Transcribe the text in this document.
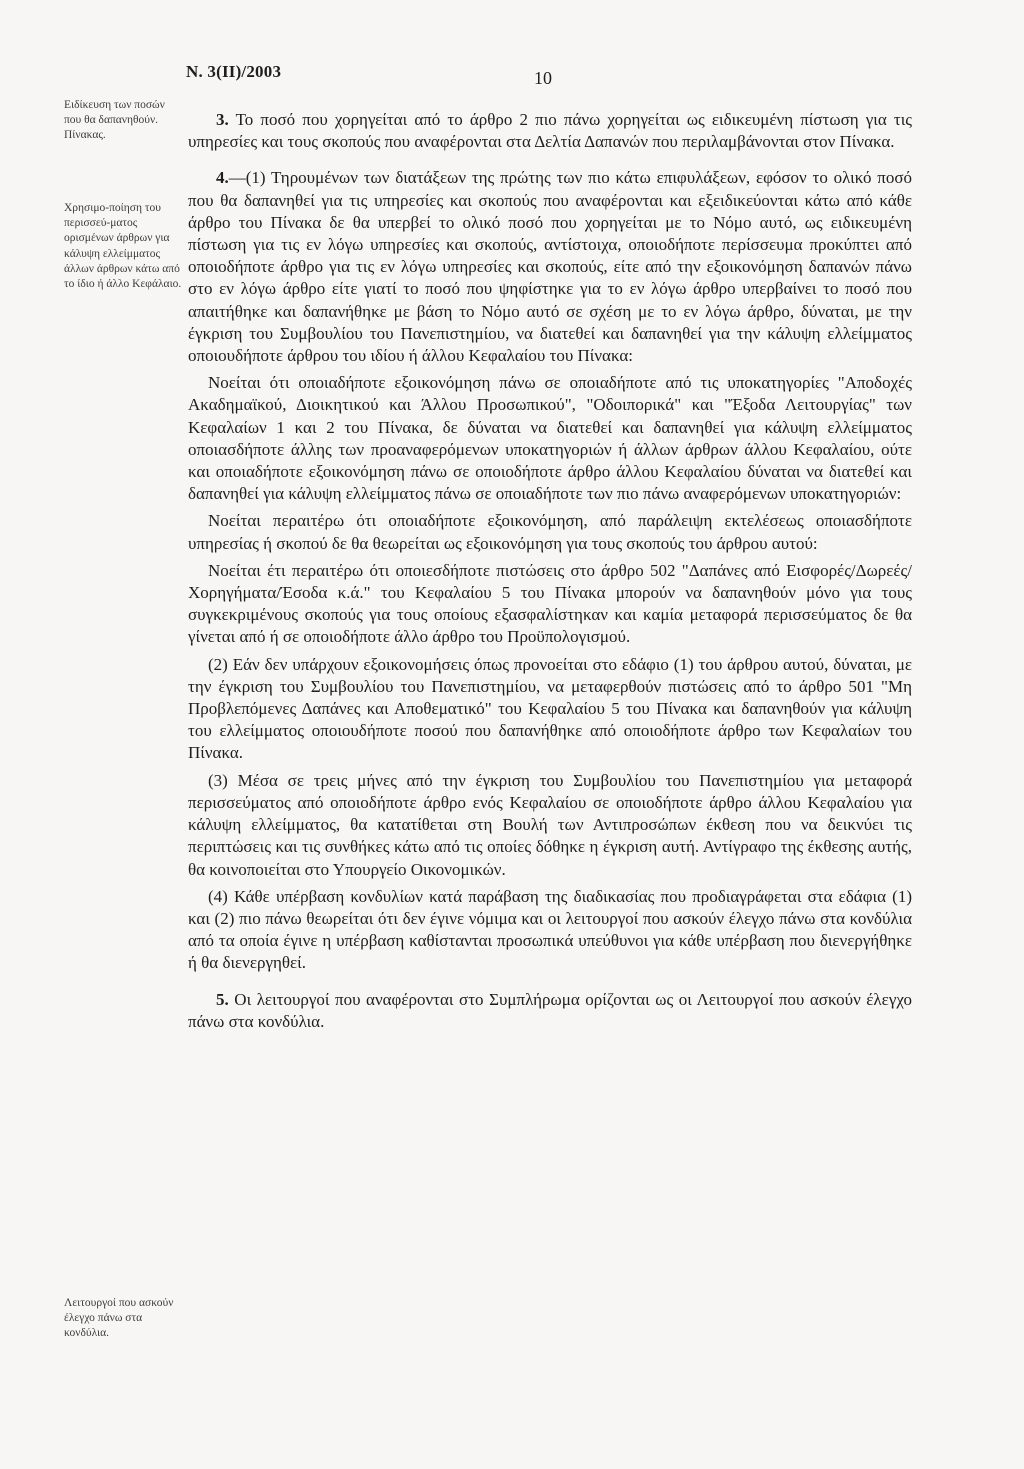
Ν. 3(ΙΙ)/2003	10
Ειδίκευση των ποσών που θα δαπανηθούν. Πίνακας.
Χρησιμο-ποίηση του περισσεύ-ματος ορισμένων άρθρων για κάλυψη ελλείμματος άλλων άρθρων κάτω από το ίδιο ή άλλο Κεφάλαιο.
Λειτουργοί που ασκούν έλεγχο πάνω στα κονδύλια.

3. Το ποσό που χορηγείται από το άρθρο 2 πιο πάνω χορηγείται ως ειδικευμένη πίστωση για τις υπηρεσίες και τους σκοπούς που αναφέρονται στα Δελτία Δαπανών που περιλαμβάνονται στον Πίνακα.

4.—(1) Τηρουμένων των διατάξεων της πρώτης των πιο κάτω επιφυλάξεων, εφόσον το ολικό ποσό που θα δαπανηθεί για τις υπηρεσίες και σκοπούς που αναφέρονται και εξειδικεύονται κάτω από κάθε άρθρο του Πίνακα δε θα υπερβεί το ολικό ποσό που χορηγείται με το Νόμο αυτό, ως ειδικευμένη πίστωση για τις εν λόγω υπηρεσίες και σκοπούς, αντίστοιχα, οποιοδήποτε περίσσευμα προκύπτει από οποιοδήποτε άρθρο για τις εν λόγω υπηρεσίες και σκοπούς, είτε από την εξοικονόμηση δαπανών πάνω στο εν λόγω άρθρο είτε γιατί το ποσό που ψηφίστηκε για το εν λόγω άρθρο υπερβαίνει το ποσό που απαιτήθηκε και δαπανήθηκε με βάση το Νόμο αυτό σε σχέση με το εν λόγω άρθρο, δύναται, με την έγκριση του Συμβουλίου του Πανεπιστημίου, να διατεθεί και δαπανηθεί για την κάλυψη ελλείμματος οποιουδήποτε άρθρου του ιδίου ή άλλου Κεφαλαίου του Πίνακα:

Νοείται ότι οποιαδήποτε εξοικονόμηση πάνω σε οποιαδήποτε από τις υποκατηγορίες "Αποδοχές Ακαδημαϊκού, Διοικητικού και Άλλου Προσωπικού", "Οδοιπορικά" και "Έξοδα Λειτουργίας" των Κεφαλαίων 1 και 2 του Πίνακα, δε δύναται να διατεθεί και δαπανηθεί για κάλυψη ελλείμματος οποιασδήποτε άλλης των προαναφερόμενων υποκατηγοριών ή άλλων άρθρων άλλου Κεφαλαίου, ούτε και οποιαδήποτε εξοικονόμηση πάνω σε οποιοδήποτε άρθρο άλλου Κεφαλαίου δύναται να διατεθεί και δαπανηθεί για κάλυψη ελλείμματος πάνω σε οποιαδήποτε των πιο πάνω αναφερόμενων υποκατηγοριών:

Νοείται περαιτέρω ότι οποιαδήποτε εξοικονόμηση, από παράλειψη εκτελέσεως οποιασδήποτε υπηρεσίας ή σκοπού δε θα θεωρείται ως εξοικονόμηση για τους σκοπούς του άρθρου αυτού:

Νοείται έτι περαιτέρω ότι οποιεσδήποτε πιστώσεις στο άρθρο 502 "Δαπάνες από Εισφορές/Δωρεές/Χορηγήματα/Έσοδα κ.ά." του Κεφαλαίου 5 του Πίνακα μπορούν να δαπανηθούν μόνο για τους συγκεκριμένους σκοπούς για τους οποίους εξασφαλίστηκαν και καμία μεταφορά περισσεύματος δε θα γίνεται από ή σε οποιοδήποτε άλλο άρθρο του Προϋπολογισμού.

(2) Εάν δεν υπάρχουν εξοικονομήσεις όπως προνοείται στο εδάφιο (1) του άρθρου αυτού, δύναται, με την έγκριση του Συμβουλίου του Πανεπιστημίου, να μεταφερθούν πιστώσεις από το άρθρο 501 "Μη Προβλεπόμενες Δαπάνες και Αποθεματικό" του Κεφαλαίου 5 του Πίνακα και δαπανηθούν για κάλυψη του ελλείμματος οποιουδήποτε ποσού που δαπανήθηκε από οποιοδήποτε άρθρο των Κεφαλαίων του Πίνακα.

(3) Μέσα σε τρεις μήνες από την έγκριση του Συμβουλίου του Πανεπιστημίου για μεταφορά περισσεύματος από οποιοδήποτε άρθρο ενός Κεφαλαίου σε οποιοδήποτε άρθρο άλλου Κεφαλαίου για κάλυψη ελλείμματος, θα κατατίθεται στη Βουλή των Αντιπροσώπων έκθεση που να δεικνύει τις περιπτώσεις και τις συνθήκες κάτω από τις οποίες δόθηκε η έγκριση αυτή. Αντίγραφο της έκθεσης αυτής, θα κοινοποιείται στο Υπουργείο Οικονομικών.

(4) Κάθε υπέρβαση κονδυλίων κατά παράβαση της διαδικασίας που προδιαγράφεται στα εδάφια (1) και (2) πιο πάνω θεωρείται ότι δεν έγινε νόμιμα και οι λειτουργοί που ασκούν έλεγχο πάνω στα κονδύλια από τα οποία έγινε η υπέρβαση καθίστανται προσωπικά υπεύθυνοι για κάθε υπέρβαση που διενεργήθηκε ή θα διενεργηθεί.

5. Οι λειτουργοί που αναφέρονται στο Συμπλήρωμα ορίζονται ως οι Λειτουργοί που ασκούν έλεγχο πάνω στα κονδύλια.
